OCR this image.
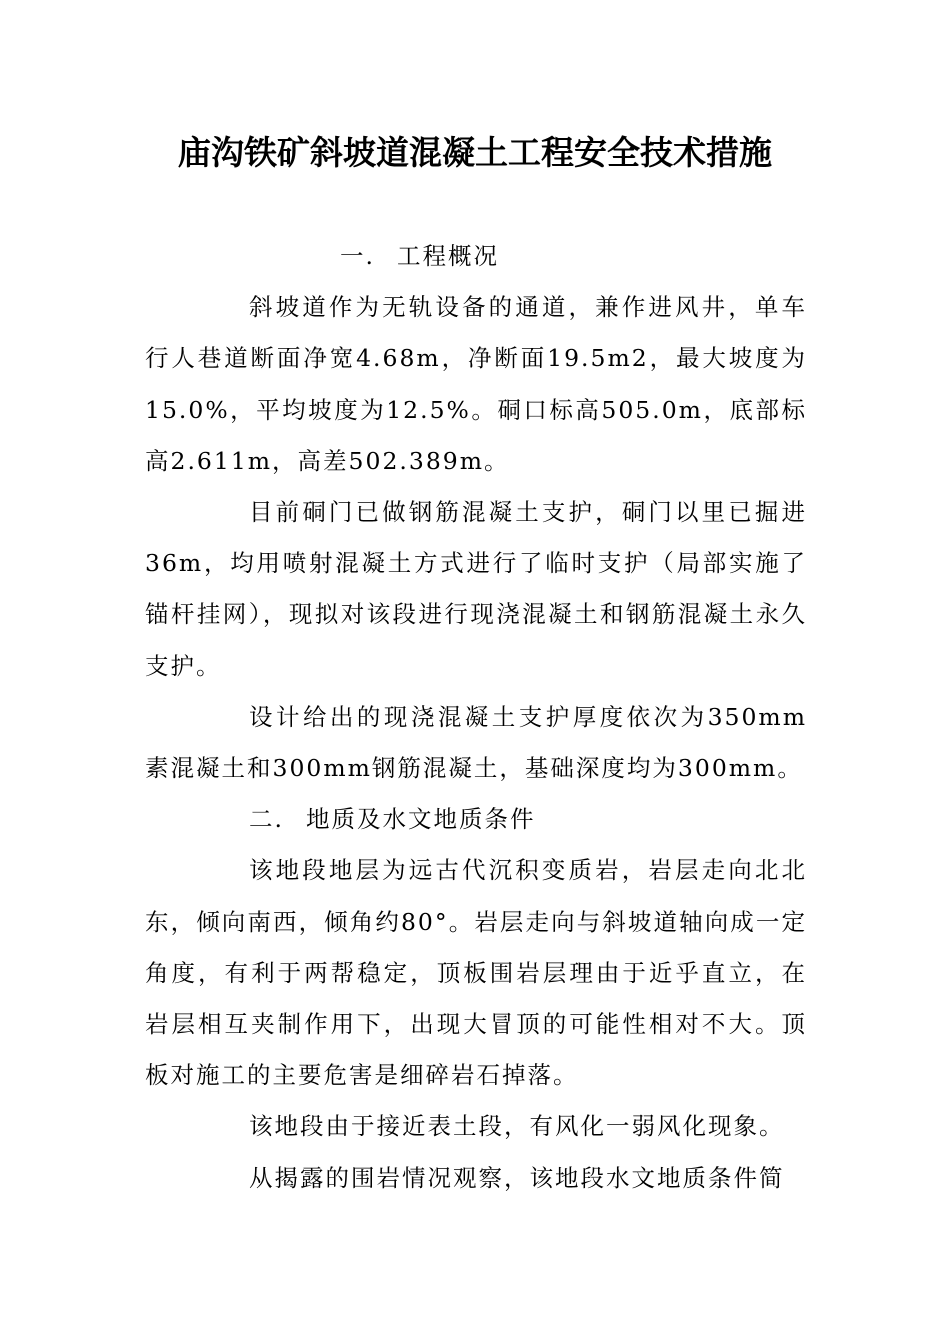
庙沟铁矿斜坡道混凝土工程安全技术措施
一. 工程概况

斜坡道作为无轨设备的通道，兼作进风井，单车行人巷道断面净宽4.68m，净断面19.5m2，最大坡度为15.0%，平均坡度为12.5%。硐口标高505.0m，底部标高2.611m，高差502.389m。

目前硐门已做钢筋混凝土支护，硐门以里已掘进36m，均用喷射混凝土方式进行了临时支护（局部实施了锚杆挂网），现拟对该段进行现浇混凝土和钢筋混凝土永久支护。

设计给出的现浇混凝土支护厚度依次为350mm素混凝土和300mm钢筋混凝土，基础深度均为300mm。

二. 地质及水文地质条件

该地段地层为远古代沉积变质岩，岩层走向北北东，倾向南西，倾角约80°。岩层走向与斜坡道轴向成一定角度，有利于两帮稳定，顶板围岩层理由于近乎直立，在岩层相互夹制作用下，出现大冒顶的可能性相对不大。顶板对施工的主要危害是细碎岩石掉落。

该地段由于接近表土段，有风化一弱风化现象。

从揭露的围岩情况观察，该地段水文地质条件简
